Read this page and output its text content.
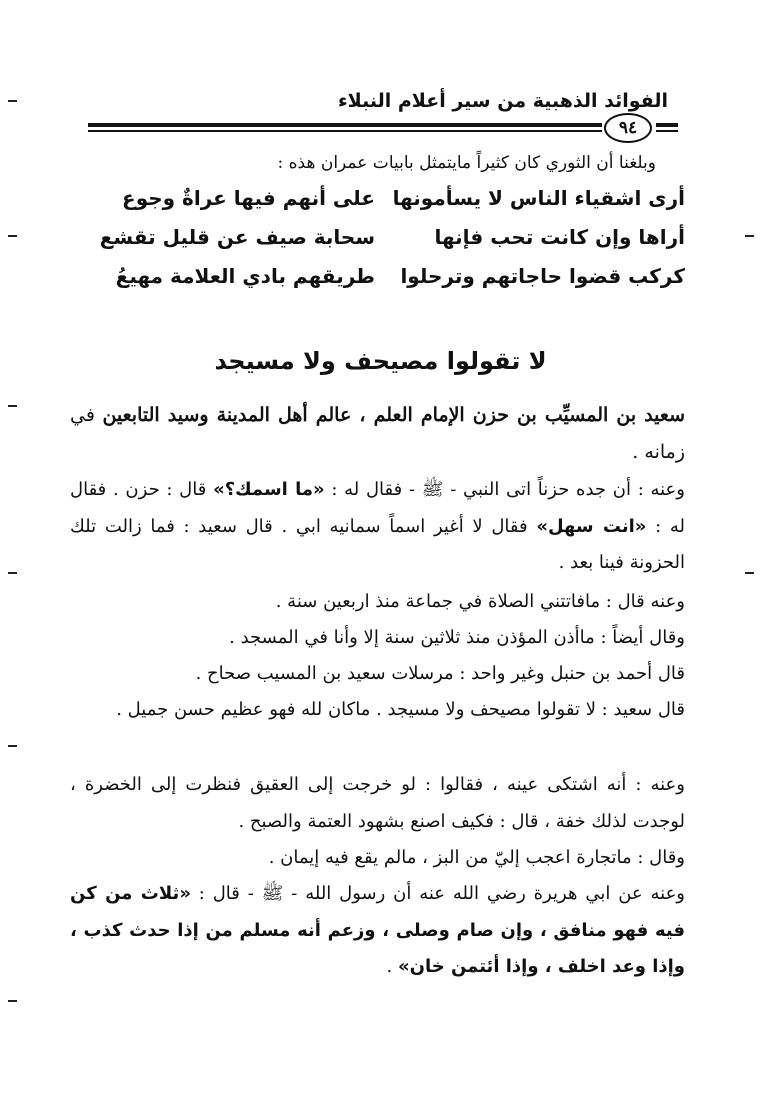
الفوائد الذهبية من سير أعلام النبلاء
٩٤
وبلغنا أن الثوري كان كثيراً مايتمثل بابيات عمران هذه :
أرى اشقياء الناس لا يسأمونها
على أنهم فيها عراةٌ وجوع
أراها وإن كانت تحب فإنها
سحابة صيف عن قليل تقشع
كركب قضوا حاجاتهم وترحلوا
طريقهم بادي العلامة مهيعُ
لا تقولوا مصيحف ولا مسيجد
سعيد بن المسيِّب بن حزن الإمام العلم ، عالم أهل المدينة وسيد التابعين في زمانه .
وعنه : أن جده حزناً اتى النبي - ﷺ - فقال له : «ما اسمك؟» قال : حزن . فقال له : «انت سهل» فقال لا أغير اسماً سمانيه ابي . قال سعيد : فما زالت تلك الحزونة فينا بعد .
وعنه قال : مافاتتني الصلاة في جماعة منذ اربعين سنة .
وقال أيضاً : ماأذن المؤذن منذ ثلاثين سنة إلا وأنا في المسجد .
قال أحمد بن حنبل وغير واحد : مرسلات سعيد بن المسيب صحاح .
قال سعيد : لا تقولوا مصيحف ولا مسيجد . ماكان لله فهو عظيم حسن جميل .
وعنه : أنه اشتكى عينه ، فقالوا : لو خرجت إلى العقيق فنظرت إلى الخضرة ، لوجدت لذلك خفة ، قال : فكيف اصنع بشهود العتمة والصبح .
وقال : ماتجارة اعجب إليّ من البز ، مالم يقع فيه إيمان .
وعنه عن ابي هريرة رضي الله عنه أن رسول الله - ﷺ - قال : «ثلاث من كن فيه فهو منافق ، وإن صام وصلى ، وزعم أنه مسلم من إذا حدث كذب ، وإذا وعد اخلف ، وإذا أئتمن خان» .
